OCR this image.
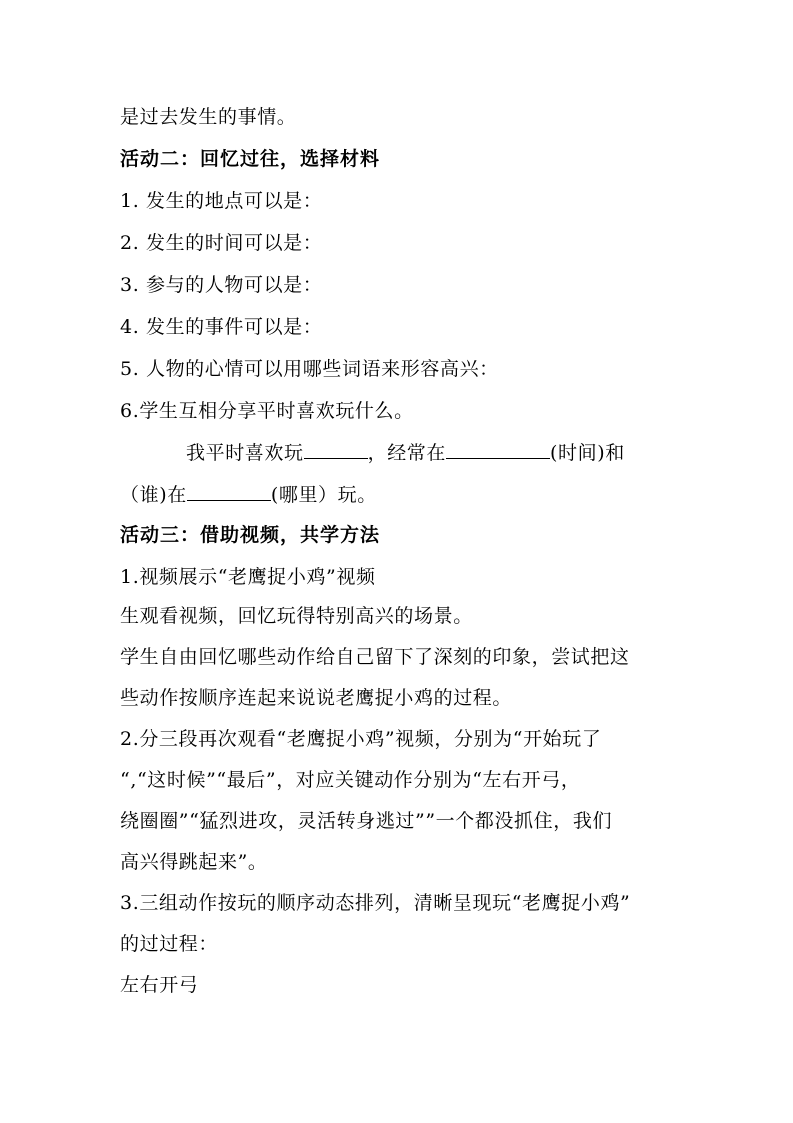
是过去发生的事情。
活动二：回忆过往，选择材料
1. 发生的地点可以是：
2. 发生的时间可以是：
3. 参与的人物可以是：
4. 发生的事件可以是：
5. 人物的心情可以用哪些词语来形容高兴：
6.学生互相分享平时喜欢玩什么。
我平时喜欢玩	，经常在	(时间)和
（谁)在	(哪里）玩。
活动三：借助视频，共学方法
1.视频展示“老鹰捉小鸡”视频
生观看视频，回忆玩得特别高兴的场景。
学生自由回忆哪些动作给自己留下了深刻的印象，尝试把这
些动作按顺序连起来说说老鹰捉小鸡的过程。
2.分三段再次观看“老鹰捉小鸡”视频，分别为“开始玩了
“,“这时候”“最后”，对应关键动作分别为“左右开弓，
绕圈圈”“猛烈进攻，灵活转身逃过””一个都没抓住，我们
高兴得跳起来”。
3.三组动作按玩的顺序动态排列，清晰呈现玩“老鹰捉小鸡”
的过过程：
左右开弓
